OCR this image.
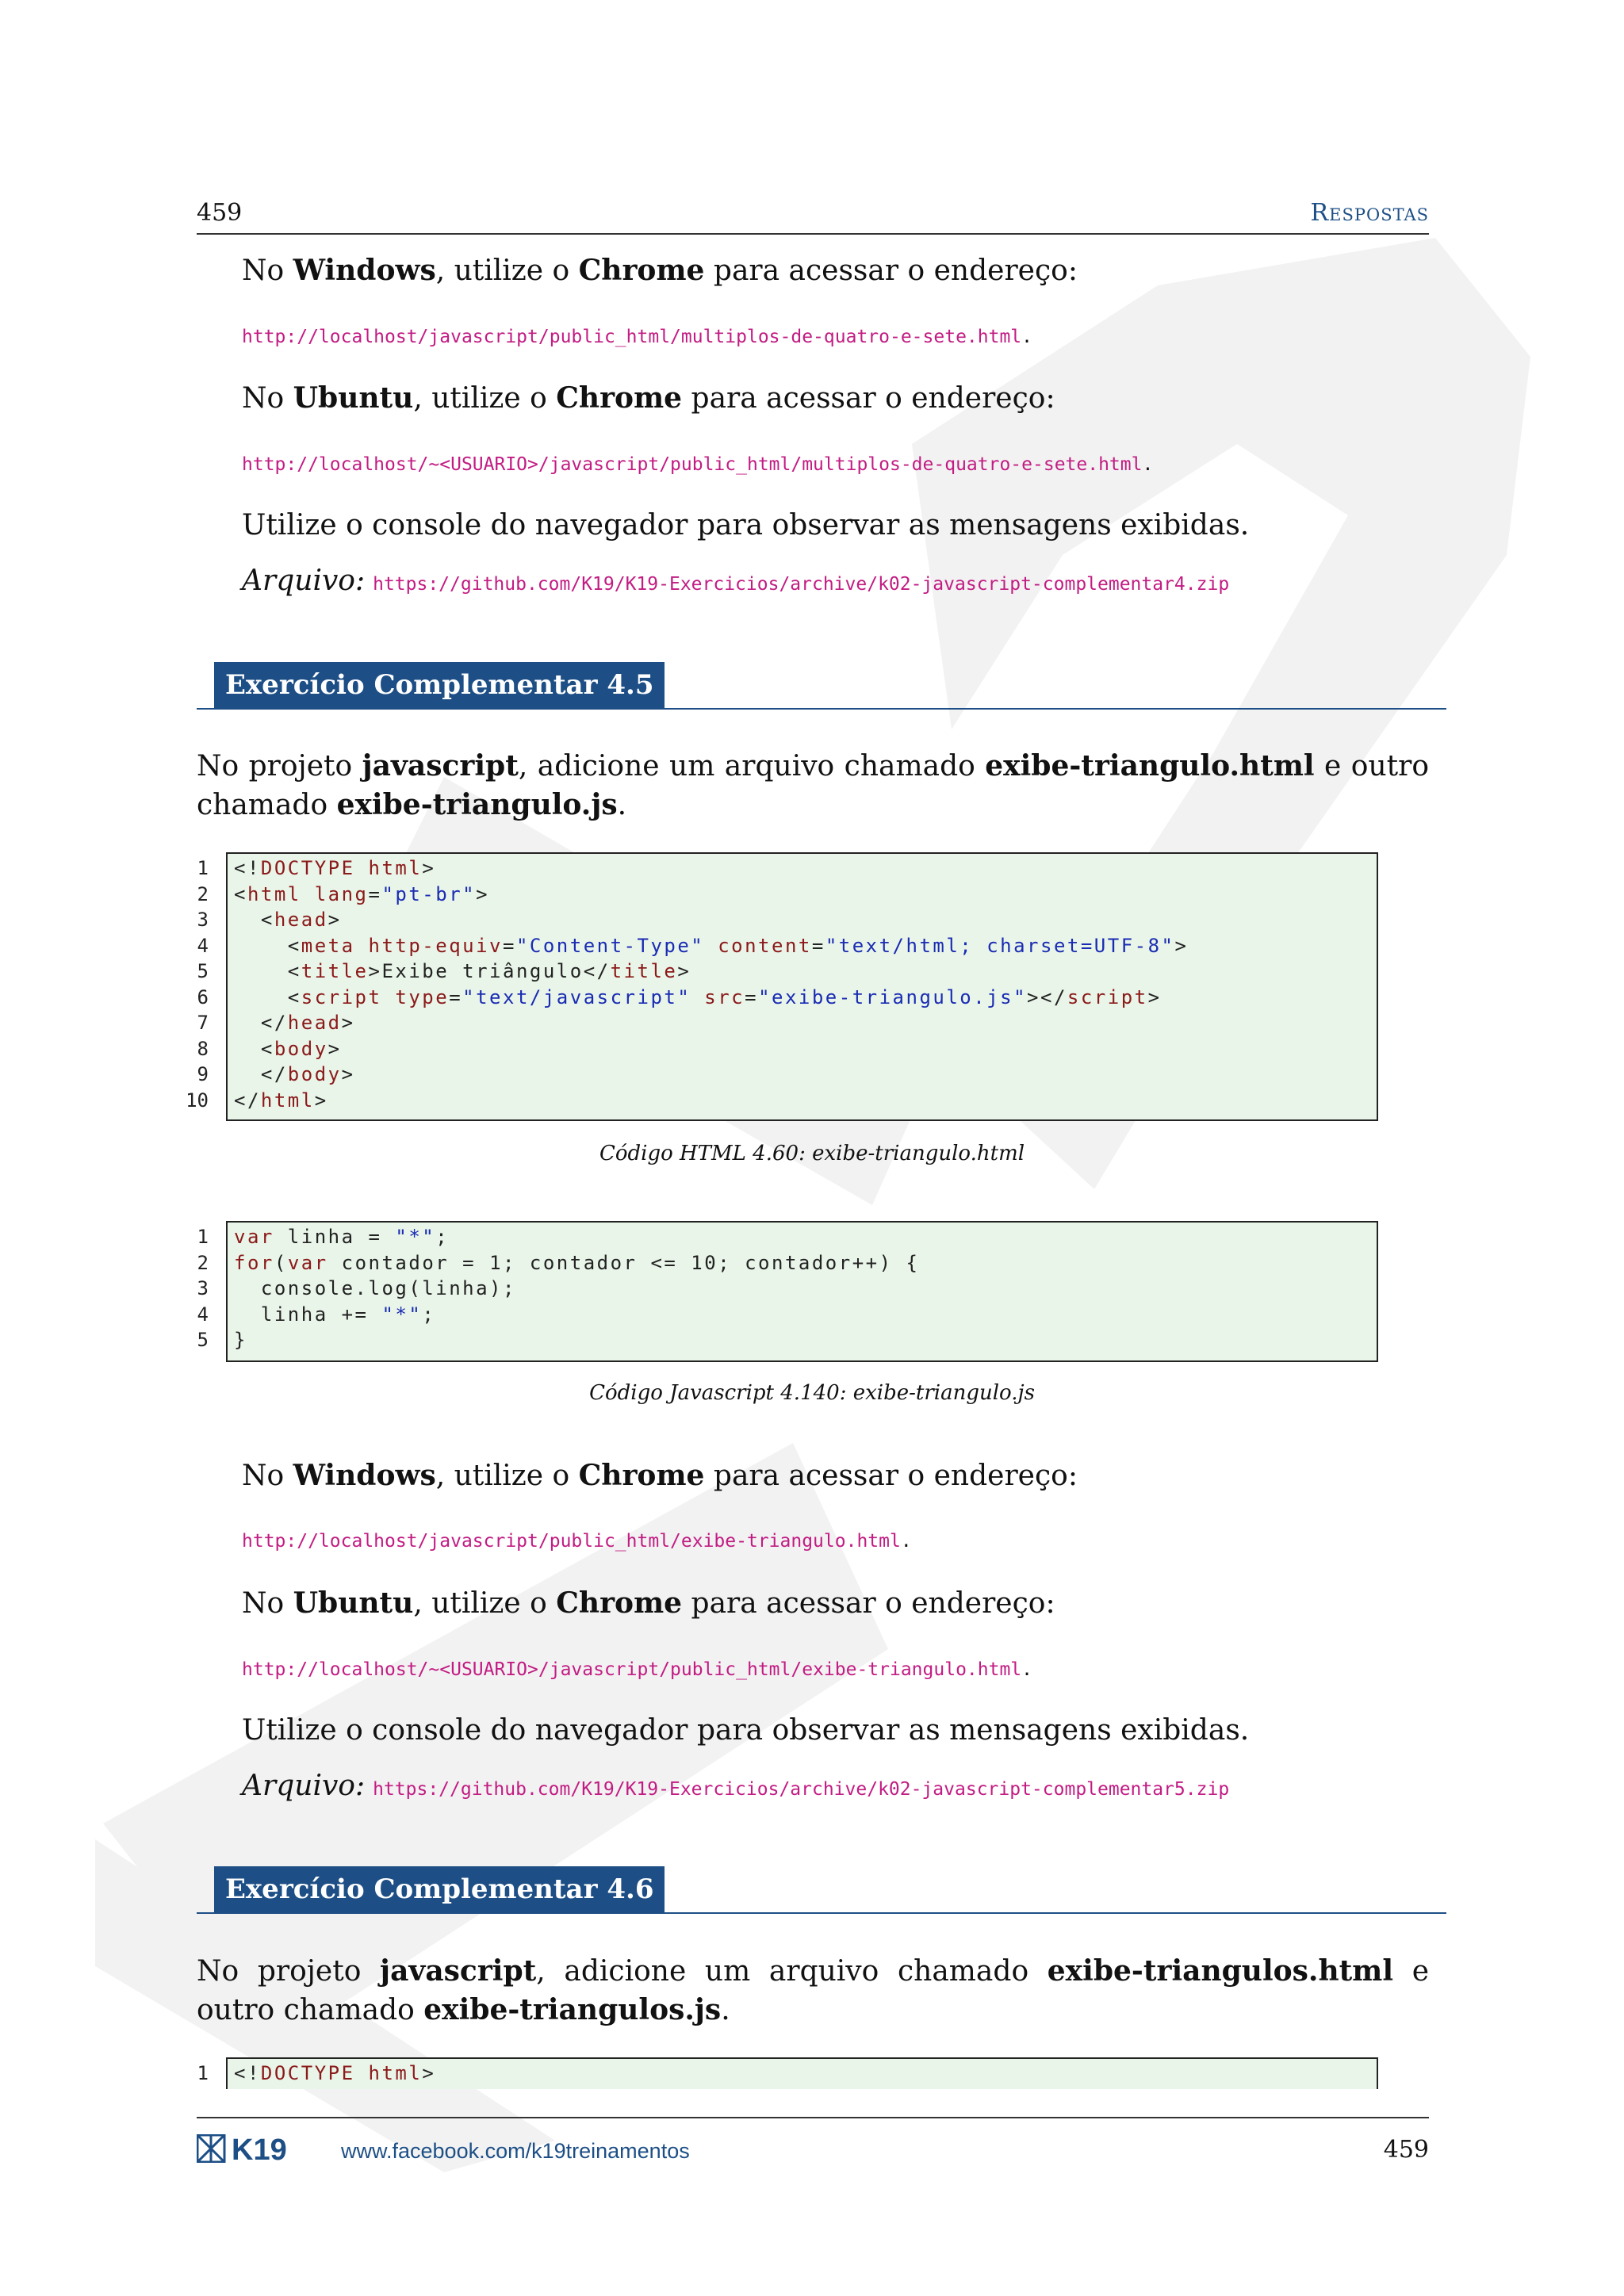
459	Respostas
No Windows, utilize o Chrome para acessar o endereço:
http://localhost/javascript/public_html/multiplos-de-quatro-e-sete.html.
No Ubuntu, utilize o Chrome para acessar o endereço:
http://localhost/~<USUARIO>/javascript/public_html/multiplos-de-quatro-e-sete.html.
Utilize o console do navegador para observar as mensagens exibidas.
Arquivo: https://github.com/K19/K19-Exercicios/archive/k02-javascript-complementar4.zip
Exercício Complementar 4.5
No projeto javascript, adicione um arquivo chamado exibe-triangulo.html e outro chamado exibe-triangulo.js.
1 <!DOCTYPE html>
2 <html lang="pt-br">
3 <head>
4 <meta http-equiv="Content-Type" content="text/html; charset=UTF-8">
5 <title>Exibe triângulo</title>
6 <script type="text/javascript" src="exibe-triangulo.js"></script>
7 </head>
8 <body>
9 </body>
10 </html>
Código HTML 4.60: exibe-triangulo.html
1 var linha = "*";
2 for(var contador = 1; contador <= 10; contador++) {
3 console.log(linha);
4 linha += "*";
5 }
Código Javascript 4.140: exibe-triangulo.js
No Windows, utilize o Chrome para acessar o endereço:
http://localhost/javascript/public_html/exibe-triangulo.html.
No Ubuntu, utilize o Chrome para acessar o endereço:
http://localhost/~<USUARIO>/javascript/public_html/exibe-triangulo.html.
Utilize o console do navegador para observar as mensagens exibidas.
Arquivo: https://github.com/K19/K19-Exercicios/archive/k02-javascript-complementar5.zip
Exercício Complementar 4.6
No projeto javascript, adicione um arquivo chamado exibe-triangulos.html e outro chamado exibe-triangulos.js.
1 <!DOCTYPE html>
K19	www.facebook.com/k19treinamentos	459
